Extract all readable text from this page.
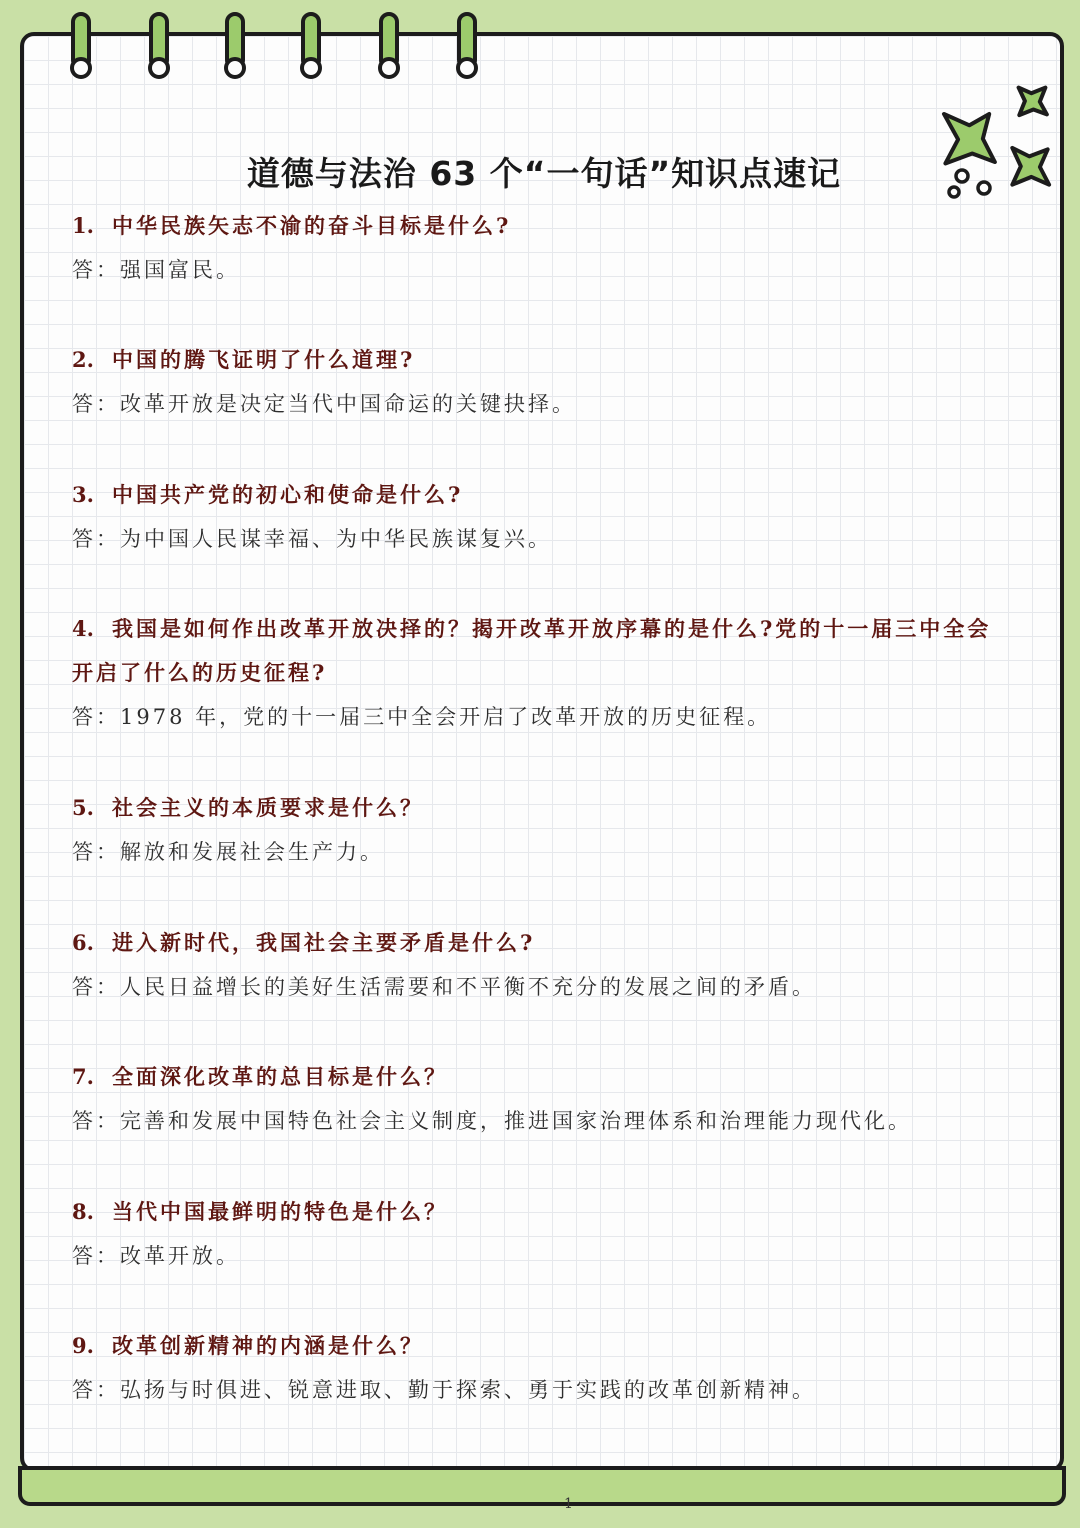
道德与法治 63 个“一句话”知识点速记
1. 中华民族矢志不渝的奋斗目标是什么?
答：强国富民。
2. 中国的腾飞证明了什么道理?
答：改革开放是决定当代中国命运的关键抉择。
3. 中国共产党的初心和使命是什么?
答：为中国人民谋幸福、为中华民族谋复兴。
4. 我国是如何作出改革开放决择的？揭开改革开放序幕的是什么?党的十一届三中全会
开启了什么的历史征程?
答：1978 年，党的十一届三中全会开启了改革开放的历史征程。
5. 社会主义的本质要求是什么？
答：解放和发展社会生产力。
6. 进入新时代，我国社会主要矛盾是什么?
答：人民日益增长的美好生活需要和不平衡不充分的发展之间的矛盾。
7. 全面深化改革的总目标是什么？
答：完善和发展中国特色社会主义制度，推进国家治理体系和治理能力现代化。
8. 当代中国最鲜明的特色是什么？
答：改革开放。
9. 改革创新精神的内涵是什么？
答：弘扬与时俱进、锐意进取、勤于探索、勇于实践的改革创新精神。
1
